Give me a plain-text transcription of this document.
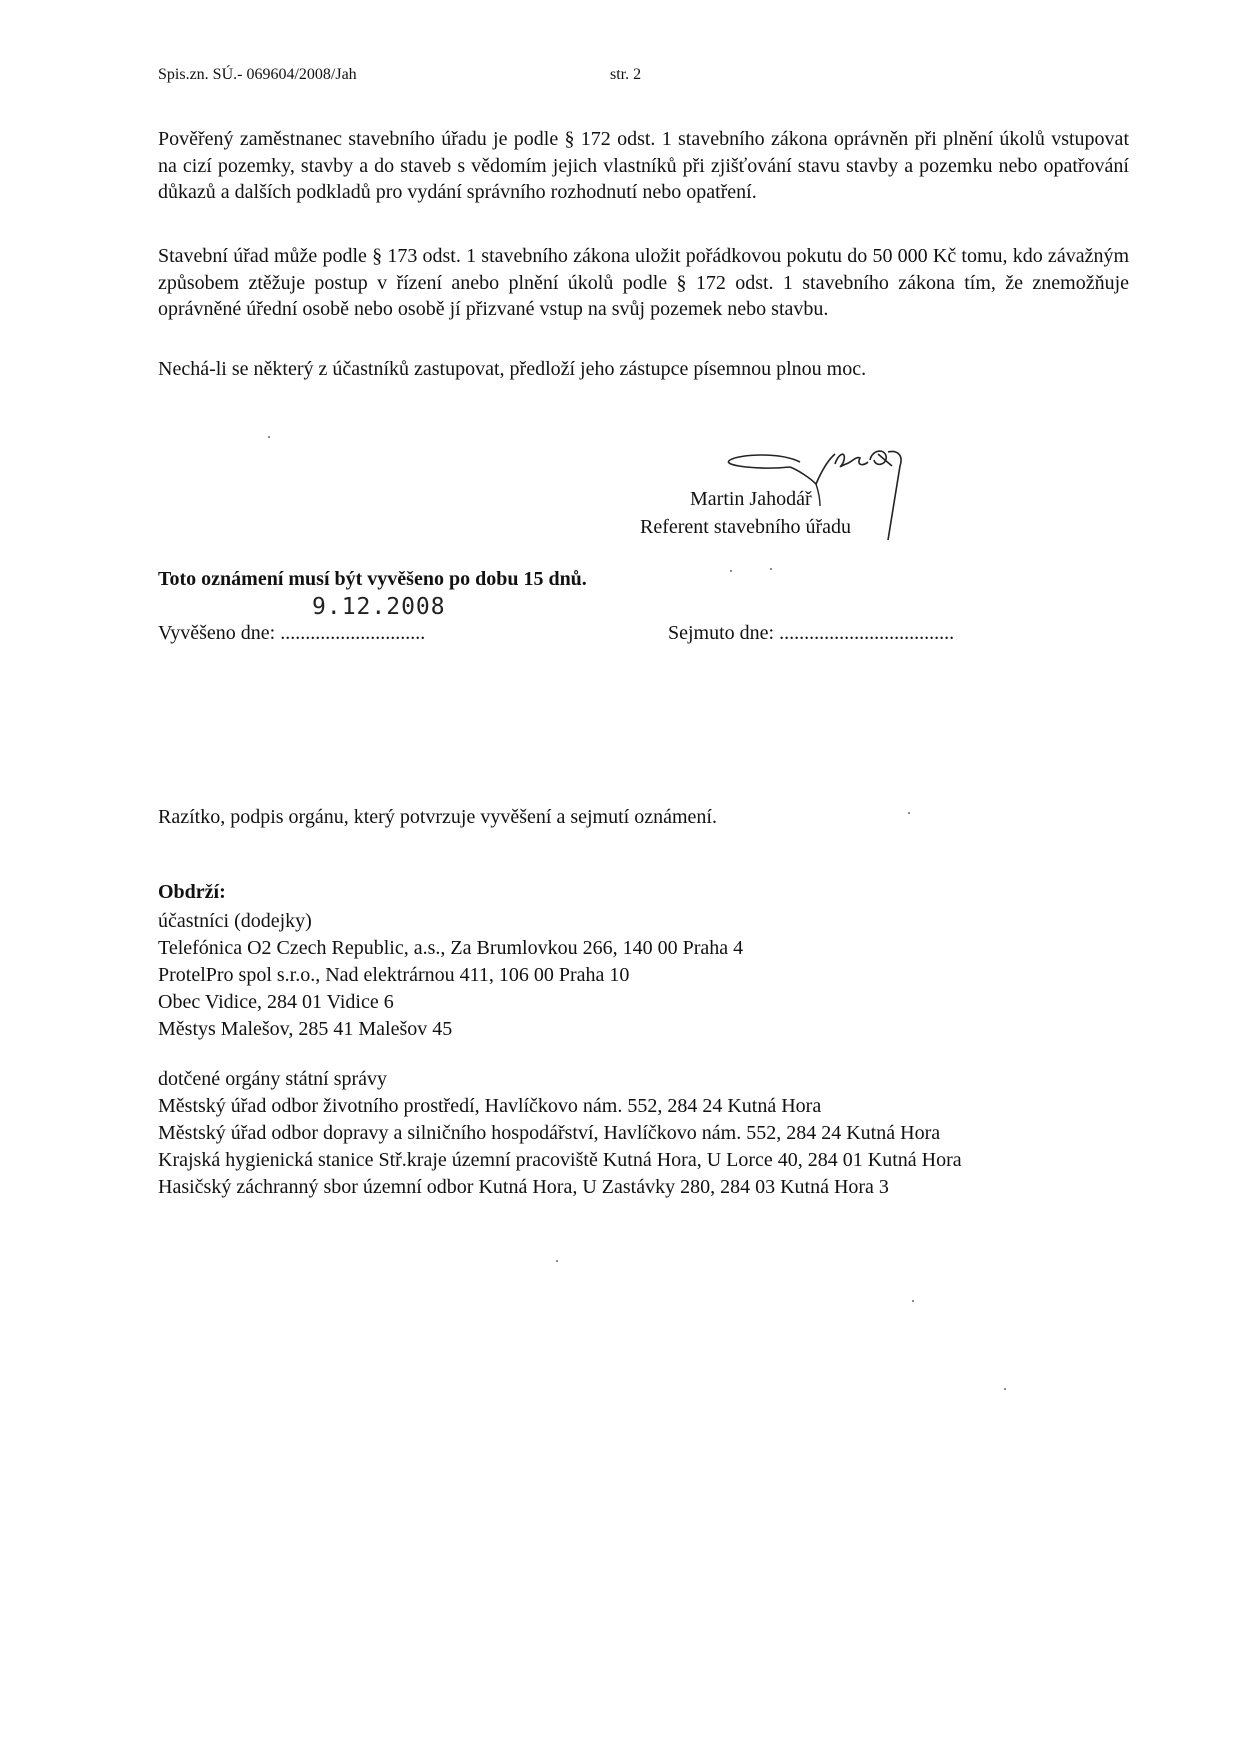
Spis.zn. SÚ.- 069604/2008/Jah	str. 2
Pověřený zaměstnanec stavebního úřadu je podle § 172 odst. 1 stavebního zákona oprávněn při plnění úkolů vstupovat na cizí pozemky, stavby a do staveb s vědomím jejich vlastníků při zjišťování stavu stavby a pozemku nebo opatřování důkazů a dalších podkladů pro vydání správního rozhodnutí nebo opatření.
Stavební úřad může podle § 173 odst. 1 stavebního zákona uložit pořádkovou pokutu do 50 000 Kč tomu, kdo závažným způsobem ztěžuje postup v řízení anebo plnění úkolů podle § 172 odst. 1 stavebního zákona tím, že znemožňuje oprávněné úřední osobě nebo osobě jí přizvané vstup na svůj pozemek nebo stavbu.
Nechá-li se některý z účastníků zastupovat, předloží jeho zástupce písemnou plnou moc.
Martin Jahodář
Referent stavebního úřadu
Toto oznámení musí být vyvěšeno po dobu 15 dnů.
9.12.2008
Vyvěšeno dne: .............................	Sejmuto dne: ...................................
Razítko, podpis orgánu, který potvrzuje vyvěšení a sejmutí oznámení.
Obdrží:
účastníci (dodejky)
Telefónica O2 Czech Republic, a.s., Za Brumlovkou 266, 140 00 Praha 4
ProtelPro spol s.r.o., Nad elektrárnou 411, 106 00 Praha 10
Obec Vidice, 284 01 Vidice 6
Městys Malešov, 285 41 Malešov 45
dotčené orgány státní správy
Městský úřad odbor životního prostředí, Havlíčkovo nám. 552, 284 24 Kutná Hora
Městský úřad odbor dopravy a silničního hospodářství, Havlíčkovo nám. 552, 284 24 Kutná Hora
Krajská hygienická stanice Stř.kraje územní pracoviště Kutná Hora, U Lorce 40, 284 01 Kutná Hora
Hasičský záchranný sbor územní odbor Kutná Hora, U Zastávky 280, 284 03 Kutná Hora 3
